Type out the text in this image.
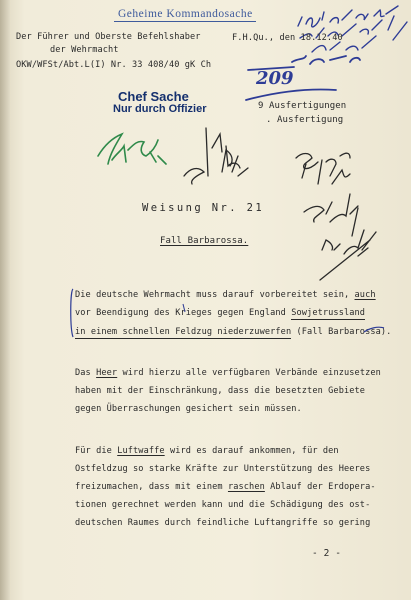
Geheime Kommandosache
Der Führer und Oberste Befehlshaber
der Wehrmacht
OKW/WFSt/Abt.L(I) Nr. 33 408/40 gK Ch
F.H.Qu., den 18.12.40
209
Chef Sache
Nur durch Offizier	9 Ausfertigungen
. Ausfertigung
Weisung Nr. 21
Fall Barbarossa.
Die deutsche Wehrmacht muss darauf vorbereitet sein, auch
vor Beendigung des Krieges gegen England Sowjetrussland
in einem schnellen Feldzug niederzuwerfen (Fall Barbarossa).
Das Heer wird hierzu alle verfügbaren Verbände einzusetzen
haben mit der Einschränkung, dass die besetzten Gebiete
gegen Überraschungen gesichert sein müssen.
Für die Luftwaffe wird es darauf ankommen, für den
Ostfeldzug so starke Kräfte zur Unterstützung des Heeres
freizumachen, dass mit einem raschen Ablauf der Erdopera-
tionen gerechnet werden kann und die Schädigung des ost-
deutschen Raumes durch feindliche Luftangriffe so gering
- 2 -
